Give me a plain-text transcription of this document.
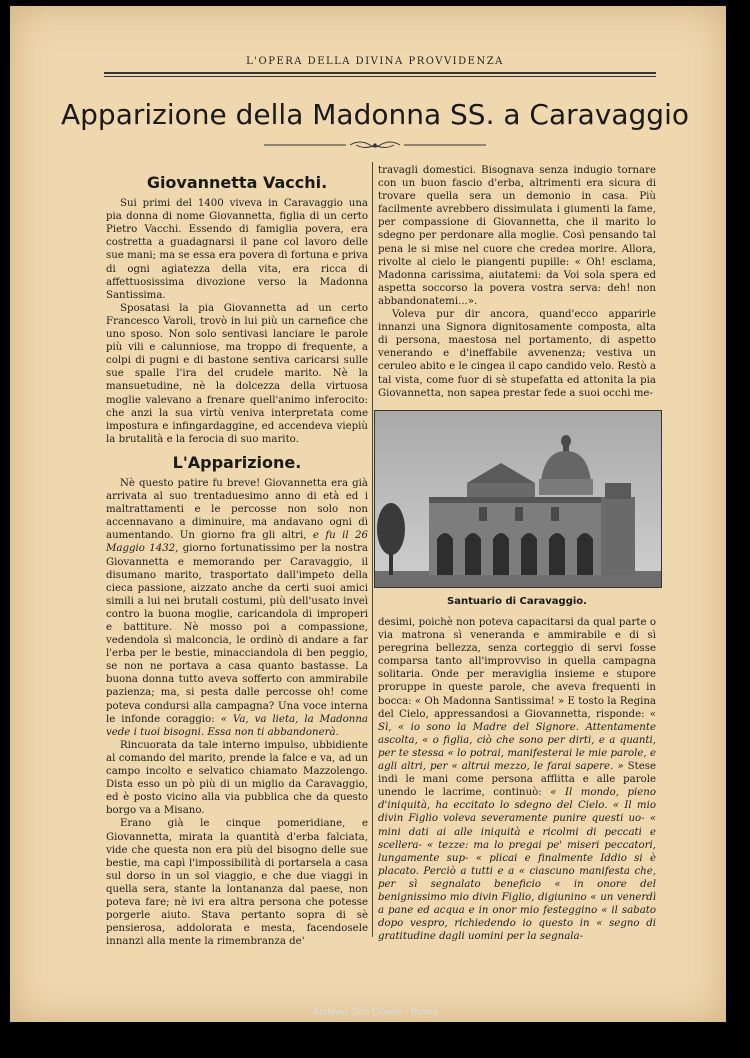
L'OPERA DELLA DIVINA PROVVIDENZA
Apparizione della Madonna SS. a Caravaggio
Giovannetta Vacchi.

Sui primi del 1400 viveva in Caravaggio una pia donna di nome Giovannetta, figlia di un certo Pietro Vacchi. Essendo di famiglia povera, era costretta a guadagnarsi il pane col lavoro delle sue mani; ma se essa era povera di fortuna e priva di ogni agiatezza della vita, era ricca di affettuosissima divozione verso la Madonna Santissima.

Sposatasi la pia Giovannetta ad un certo Francesco Varoli, trovò in lui più un carnefice che uno sposo. Non solo sentivasi lanciare le parole più vili e calunniose, ma troppo di frequente, a colpi di pugni e di bastone sentiva caricarsi sulle sue spalle l'ira del crudele marito. Nè la mansuetudine, nè la dolcezza della virtuosa moglie valevano a frenare quell'animo inferocito: che anzi la sua virtù veniva interpretata come impostura e infingardaggine, ed accendeva viepiù la brutalità e la ferocia di suo marito.

L'Apparizione.

Nè questo patire fu breve! Giovannetta era già arrivata al suo trentaduesimo anno di età ed i maltrattamenti e le percosse non solo non accennavano a diminuire, ma andavano ogni dì aumentando. Un giorno fra gli altri, e fu il 26 Maggio 1432, giorno fortunatissimo per la nostra Giovannetta e memorando per Caravaggio, il disumano marito, trasportato dall'impeto della cieca passione, aizzato anche da certi suoi amici simili a lui nei brutali costumi, più dell'usato inveì contro la buona moglie, caricandola di improperi e battiture. Nè mosso poi a compassione, vedendola sì malconcia, le ordinò di andare a far l'erba per le bestie, minacciandola di ben peggio, se non ne portava a casa quanto bastasse. La buona donna tutto aveva sofferto con ammirabile pazienza; ma, si pesta dalle percosse oh! come poteva condursi alla campagna? Una voce interna le infonde coraggio: « Va, va lieta, la Madonna vede i tuoi bisogni. Essa non ti abbandonerà.

Rincuorata da tale interno impulso, ubbidiente al comando del marito, prende la falce e va, ad un campo incolto e selvatico chiamato Mazzolengo. Dista esso un pò più di un miglio da Caravaggio, ed è posto vicino alla via pubblica che da questo borgo va a Misano.

Erano già le cinque pomeridiane, e Giovannetta, mirata la quantità d'erba falciata, vide che questa non era più del bisogno delle sue bestie, ma capì l'impossibilità di portarsela a casa sul dorso in un sol viaggio, e che due viaggi in quella sera, stante la lontananza dal paese, non poteva fare; nè ivi era altra persona che potesse porgerle aiuto. Stava pertanto sopra di sè pensierosa, addolorata e mesta, facendosele innanzi alla mente la rimembranza de'

travagli domestici. Bisognava senza indugio tornare con un buon fascio d'erba, altrimenti era sicura di trovare quella sera un demonio in casa. Più facilmente avrebbero dissimulata i giumenti la fame, per compassione di Giovannetta, che il marito lo sdegno per perdonare alla moglie. Così pensando tal pena le si mise nel cuore che credea morire. Allora, rivolte al cielo le piangenti pupille: « Oh! esclama, Madonna carissima, aiutatemi: da Voi sola spera ed aspetta soccorso la povera vostra serva: deh! non abbandonatemi...».

Voleva pur dir ancora, quand'ecco apparirle innanzi una Signora dignitosamente composta, alta di persona, maestosa nel portamento, di aspetto venerando e d'ineffabile avvenenza; vestiva un ceruleo abito e le cingea il capo candido velo. Restò a tal vista, come fuor di sè stupefatta ed attonita la pia Giovannetta, non sapea prestar fede a suoi occhi me-

Santuario di Caravaggio.

desimi, poichè non poteva capacitarsi da qual parte o via matrona sì veneranda e ammirabile e di sì peregrina bellezza, senza corteggio di servi fosse comparsa tanto all'improvviso in quella campagna solitaria. Onde per meraviglia insieme e stupore proruppe in queste parole, che aveva frequenti in bocca: « Oh Madonna Santissima! » E tosto la Regina del Cielo, appressandosi a Giovannetta, risponde: « Sì, « io sono la Madre del Signore. Attentamente ascolta, « o figlia, ciò che sono per dirti, e a quanti, per te stessa « lo potrai, manifesterai le mie parole, e agli altri, per « altrui mezzo, le farai sapere. » Stese indi le mani come persona afflitta e alle parole unendo le lacrime, continuò: « Il mondo, pieno d'iniquità, ha eccitato lo sdegno del Cielo. « Il mio divin Figlio voleva severamente punire questi uo- « mini dati ai alle iniquità e ricolmi di peccati e scellera- « tezze: ma lo pregai pe' miseri peccatori, lungamente sup- « plicai e finalmente Iddio si è placato. Perciò a tutti e a « ciascuno manifesta che, per sì segnalato beneficio « in onore del benignissimo mio divin Figlio, digiunino « un venerdì a pane ed acqua e in onor mio festeggino « il sabato dopo vespro, richiedendo io questo in « segno di gratitudine dagli uomini per la segnala-

Archivio Don Orione - Roma
